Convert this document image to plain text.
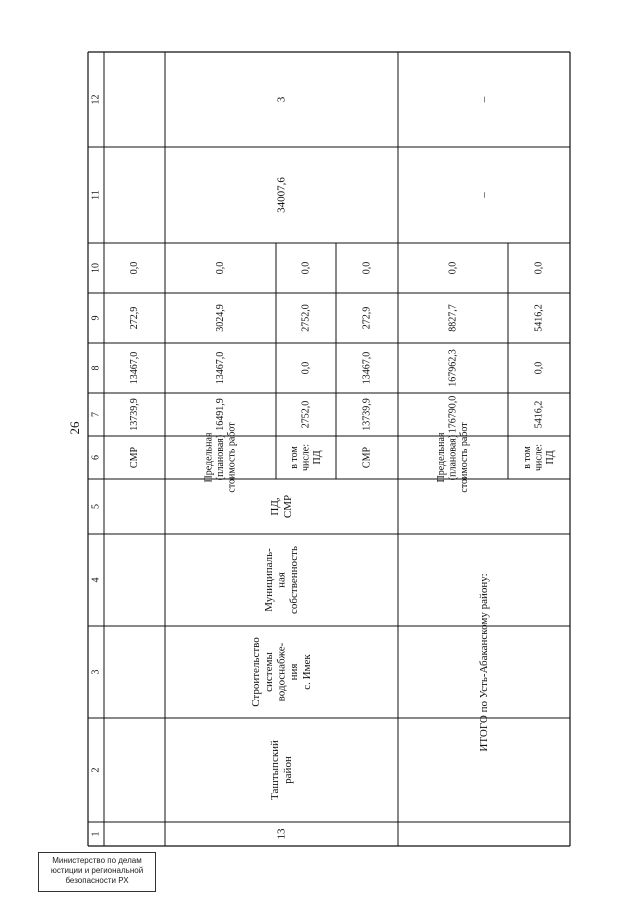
26
1
2
3
4
5
6
7
8
9
10
11
12
13
Таштыпский район
Строительство системы водоснабже- ния с. Имек
Муниципаль- ная собственность
ПД, СМР
СМР
13739,9
13467,0
272,9
0,0
Предельная (плановая) стоимость работ
16491,9
13467,0
3024,9
0,0
в том числе: ПД
2752,0
0,0
2752,0
0,0
СМР
13739,9
13467,0
272,9
0,0
Предельная (плановая) стоимость работ
176790,0
167962,3
8827,7
0,0
в том числе: ПД
5416,2
0,0
5416,2
0,0
34007,6
3
–
–
ИТОГО по Усть-Абаканскому району:
Министерство по делам
юстиции и региональной
безопасности РХ
